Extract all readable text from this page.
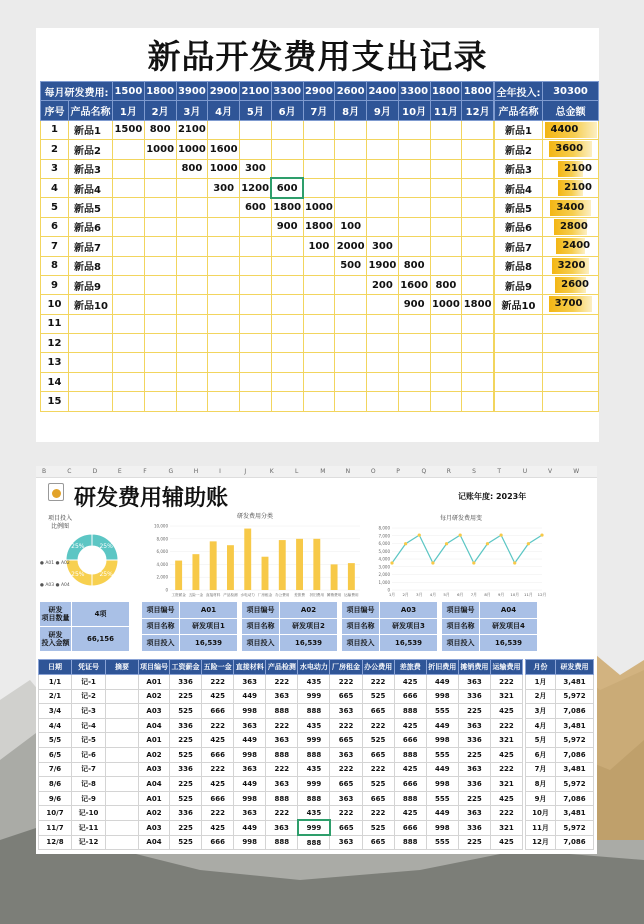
新品开发费用支出记录
每月研发费用:		1500	1800	3900	2900	2100	3300	2900	2600	2400	3300	1800	1800
序号	产品名称	1月	2月	3月	4月	5月	6月	7月	8月	9月	10月	11月	12月
1	新品1	1500	800	2100									
2	新品2		1000	1000	1600								
3	新品3			800	1000	300							
4	新品4				300	1200	600						
5	新品5					600	1800	1000					
6	新品6						900	1800	100				
7	新品7							100	2000	300			
8	新品8								500	1900	800		
9	新品9									200	1600	800	
10	新品10										900	1000	1800
11													
12													
13													
14													
15													
全年投入:	30300
产品名称	总金额
新品1	4400
新品2	3600
新品3	2100
新品4	2100
新品5	3400
新品6	2800
新品7	2400
新品8	3200
新品9	2600
新品10	3700

B	C	D	E	F	G	H	I	J	K	L	M	N	O	P	Q	R	S	T	U	V	W
研发费用辅助账	记账年度: 2023年
项目投入
比例图
25%
25%
25%
25%
● A01 ● A02
● A03 ● A04
研发费用分类
10,000
8,000
6,000
4,000
2,000
0
工资薪金 五险一金 直接材料 产品检测 水电动力 厂房租金 办公费用 差旅费 折旧费用 摊销费用 运输费用
每月研发费用变
8,000
7,000
6,000
5,000
4,000
3,000
2,000
1,000
0
1月 2月 3月 4月 5月 6月 7月 8月 9月 10月 11月 12月
研发
项目数量	4项
研发
投入金额	66,156
项目编号	A01
项目名称	研发项目1
项目投入	16,539
项目编号	A02
项目名称	研发项目2
项目投入	16,539
项目编号	A03
项目名称	研发项目3
项目投入	16,539
项目编号	A04
项目名称	研发项目4
项目投入	16,539
日期	凭证号	摘要	项目编号	工资薪金	五险一金	直接材料	产品检测	水电动力	厂房租金	办公费用	差旅费	折旧费用	摊销费用	运输费用
1/1	记-1		A01	336	222	363	222	435	222	222	425	449	363	222
2/1	记-2		A02	225	425	449	363	999	665	525	666	998	336	321
3/4	记-3		A03	525	666	998	888	888	363	665	888	555	225	425
4/4	记-4		A04	336	222	363	222	435	222	222	425	449	363	222
5/5	记-5		A01	225	425	449	363	999	665	525	666	998	336	321
6/5	记-6		A02	525	666	998	888	888	363	665	888	555	225	425
7/6	记-7		A03	336	222	363	222	435	222	222	425	449	363	222
8/6	记-8		A04	225	425	449	363	999	665	525	666	998	336	321
9/6	记-9		A01	525	666	998	888	888	363	665	888	555	225	425
10/7	记-10		A02	336	222	363	222	435	222	222	425	449	363	222
11/7	记-11		A03	225	425	449	363	999	665	525	666	998	336	321
12/8	记-12		A04	525	666	998	888	888	363	665	888	555	225	425
月份	研发费用
1月	3,481
2月	5,972
3月	7,086
4月	3,481
5月	5,972
6月	7,086
7月	3,481
8月	5,972
9月	7,086
10月	3,481
11月	5,972
12月	7,086
